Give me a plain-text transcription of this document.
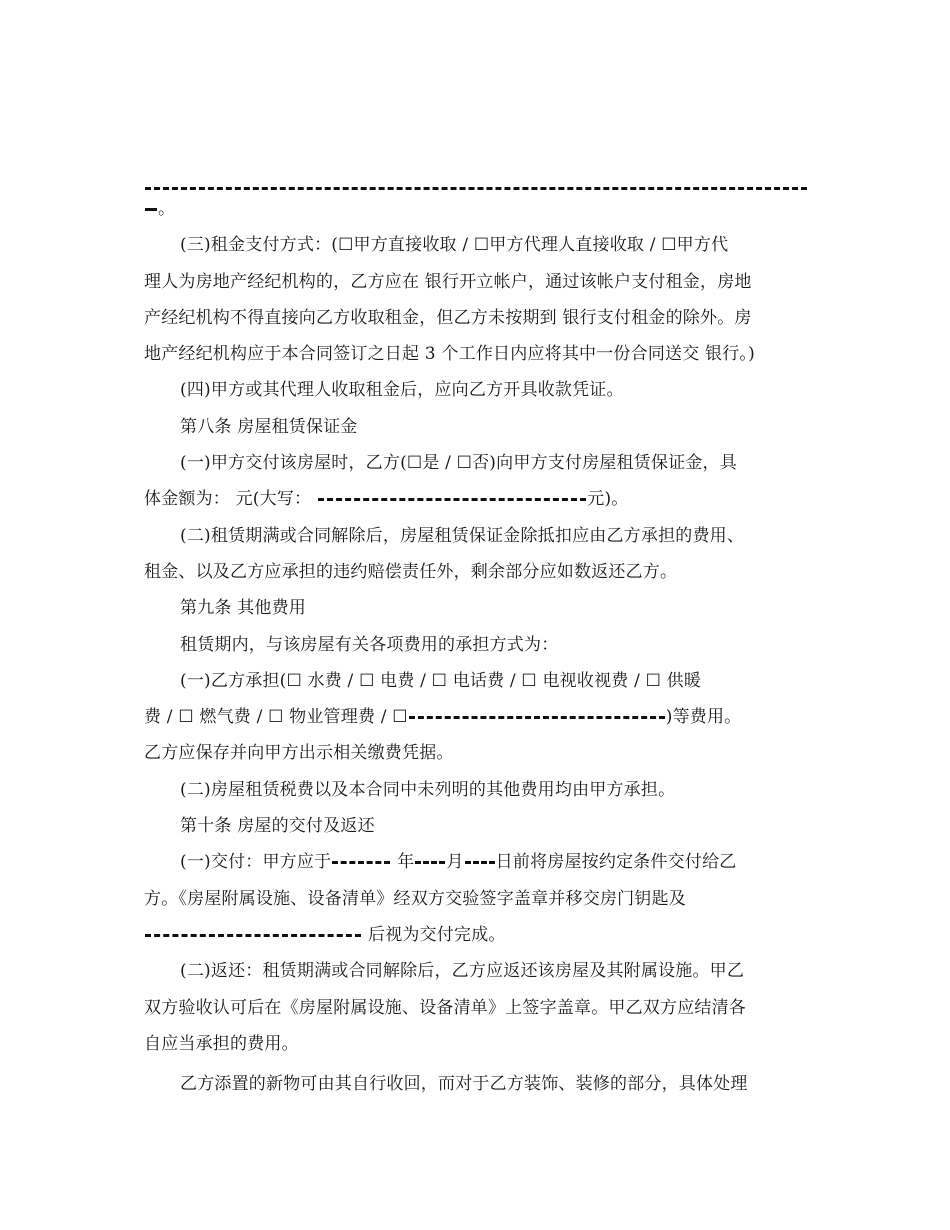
。
(三)租金支付方式：(☐甲方直接收取 / ☐甲方代理人直接收取 / ☐甲方代
理人为房地产经纪机构的，乙方应在 银行开立帐户，通过该帐户支付租金，房地
产经纪机构不得直接向乙方收取租金，但乙方未按期到 银行支付租金的除外。房
地产经纪机构应于本合同签订之日起 3 个工作日内应将其中一份合同送交 银行。)
(四)甲方或其代理人收取租金后，应向乙方开具收款凭证。
第八条 房屋租赁保证金
(一)甲方交付该房屋时，乙方(☐是 / ☐否)向甲方支付房屋租赁保证金，具
体金额为： 元(大写：	元)。
(二)租赁期满或合同解除后，房屋租赁保证金除抵扣应由乙方承担的费用、
租金、以及乙方应承担的违约赔偿责任外，剩余部分应如数返还乙方。
第九条 其他费用
租赁期内，与该房屋有关各项费用的承担方式为：
(一)乙方承担(☐ 水费 / ☐ 电费 / ☐ 电话费 / ☐ 电视收视费 / ☐ 供暖
费 / ☐ 燃气费 / ☐ 物业管理费 / ☐	)等费用。
乙方应保存并向甲方出示相关缴费凭据。
(二)房屋租赁税费以及本合同中未列明的其他费用均由甲方承担。
第十条 房屋的交付及返还
(一)交付：甲方应于	年 月 日前将房屋按约定条件交付给乙
方。《房屋附属设施、设备清单》经双方交验签字盖章并移交房门钥匙及
后视为交付完成。
(二)返还：租赁期满或合同解除后，乙方应返还该房屋及其附属设施。甲乙
双方验收认可后在《房屋附属设施、设备清单》上签字盖章。甲乙双方应结清各
自应当承担的费用。
乙方添置的新物可由其自行收回，而对于乙方装饰、装修的部分，具体处理
